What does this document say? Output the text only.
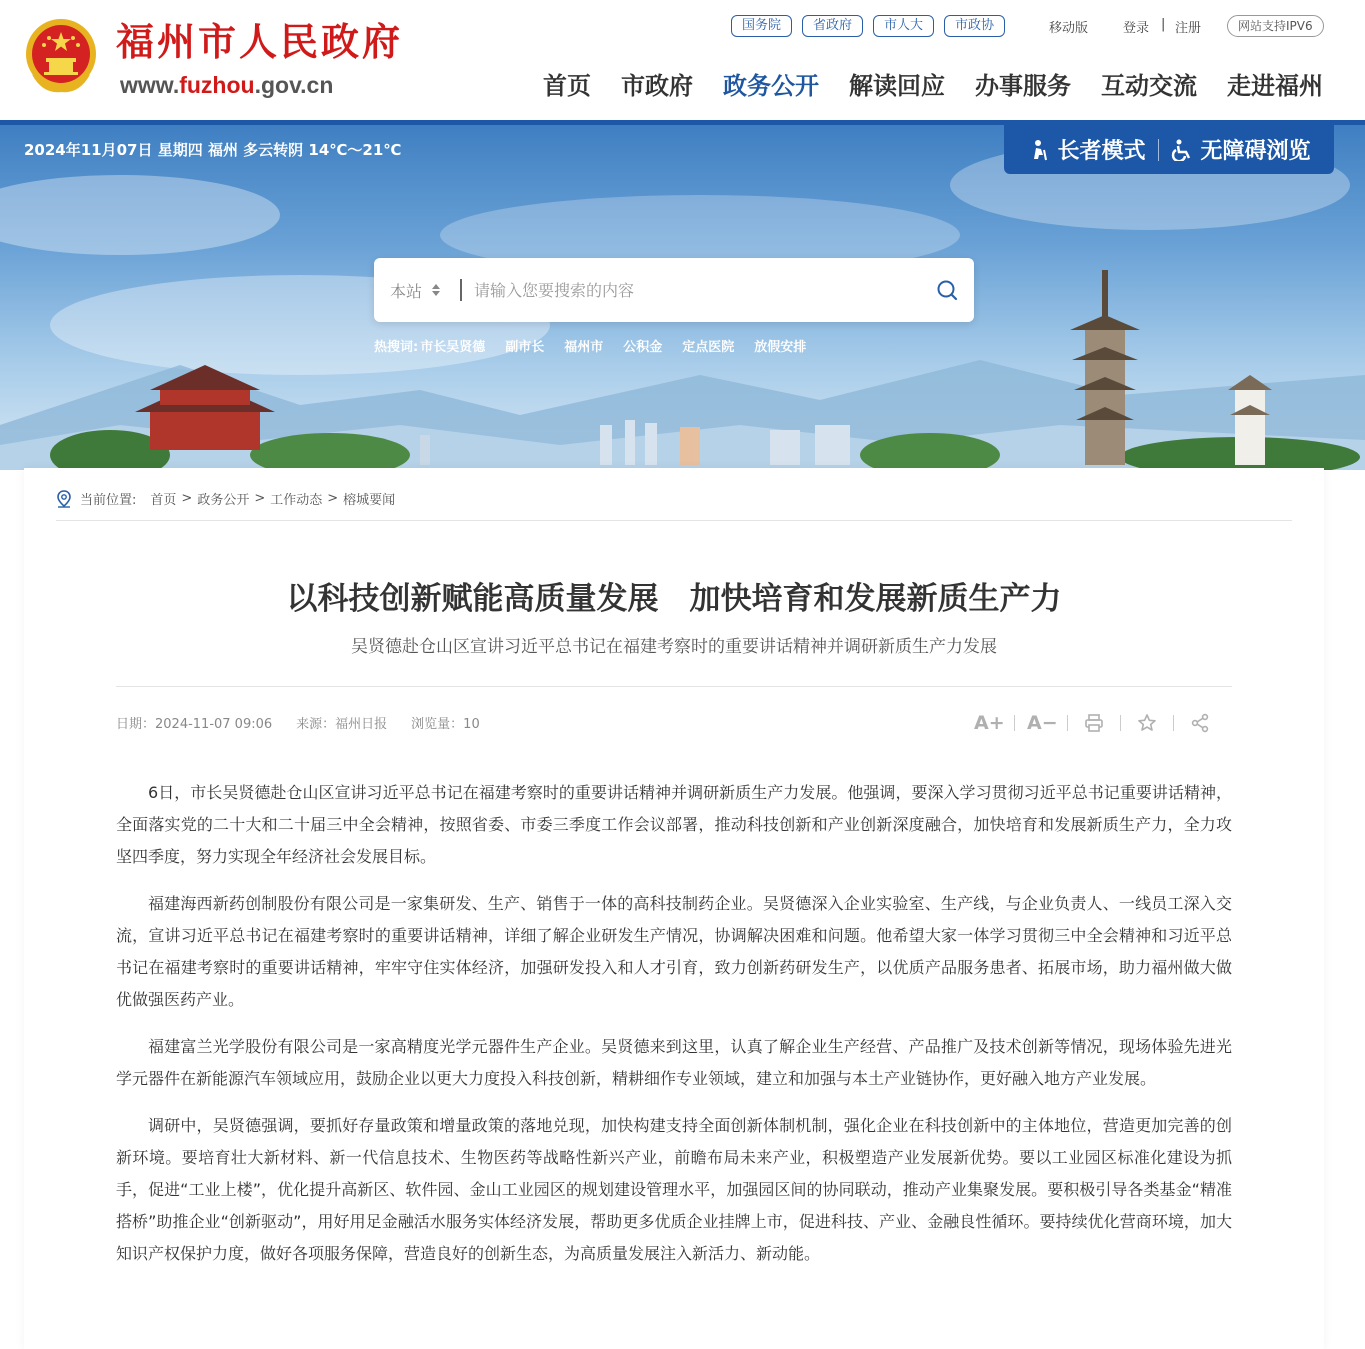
福州市人民政府
www.fuzhou.gov.cn
国务院	省政府	市人大	市政协	移动版	登录 | 注册	网站支持IPV6
首页 市政府 政务公开 解读回应 办事服务 互动交流 走进福州
2024年11月07日 星期四 福州 多云转阴 14℃～21℃	长者模式	无障碍浏览
本站
请输入您要搜索的内容
热搜词: 市长吴贤德 副市长 福州市 公积金 定点医院 放假安排
当前位置: 首页 > 政务公开 > 工作动态 > 榕城要闻
以科技创新赋能高质量发展　加快培育和发展新质生产力
吴贤德赴仓山区宣讲习近平总书记在福建考察时的重要讲话精神并调研新质生产力发展
日期：2024-11-07 09:06 来源：福州日报 浏览量：10	A+ A−

6日，市长吴贤德赴仓山区宣讲习近平总书记在福建考察时的重要讲话精神并调研新质生产力发展。他强调，要深入学习贯彻习近平总书记重要讲话精神，全面落实党的二十大和二十届三中全会精神，按照省委、市委三季度工作会议部署，推动科技创新和产业创新深度融合，加快培育和发展新质生产力，全力攻坚四季度，努力实现全年经济社会发展目标。

福建海西新药创制股份有限公司是一家集研发、生产、销售于一体的高科技制药企业。吴贤德深入企业实验室、生产线，与企业负责人、一线员工深入交流，宣讲习近平总书记在福建考察时的重要讲话精神，详细了解企业研发生产情况，协调解决困难和问题。他希望大家一体学习贯彻三中全会精神和习近平总书记在福建考察时的重要讲话精神，牢牢守住实体经济，加强研发投入和人才引育，致力创新药研发生产，以优质产品服务患者、拓展市场，助力福州做大做优做强医药产业。

福建富兰光学股份有限公司是一家高精度光学元器件生产企业。吴贤德来到这里，认真了解企业生产经营、产品推广及技术创新等情况，现场体验先进光学元器件在新能源汽车领域应用，鼓励企业以更大力度投入科技创新，精耕细作专业领域，建立和加强与本土产业链协作，更好融入地方产业发展。

调研中，吴贤德强调，要抓好存量政策和增量政策的落地兑现，加快构建支持全面创新体制机制，强化企业在科技创新中的主体地位，营造更加完善的创新环境。要培育壮大新材料、新一代信息技术、生物医药等战略性新兴产业，前瞻布局未来产业，积极塑造产业发展新优势。要以工业园区标准化建设为抓手，促进“工业上楼”，优化提升高新区、软件园、金山工业园区的规划建设管理水平，加强园区间的协同联动，推动产业集聚发展。要积极引导各类基金“精准搭桥”助推企业“创新驱动”，用好用足金融活水服务实体经济发展，帮助更多优质企业挂牌上市，促进科技、产业、金融良性循环。要持续优化营商环境，加大知识产权保护力度，做好各项服务保障，营造良好的创新生态，为高质量发展注入新活力、新动能。
